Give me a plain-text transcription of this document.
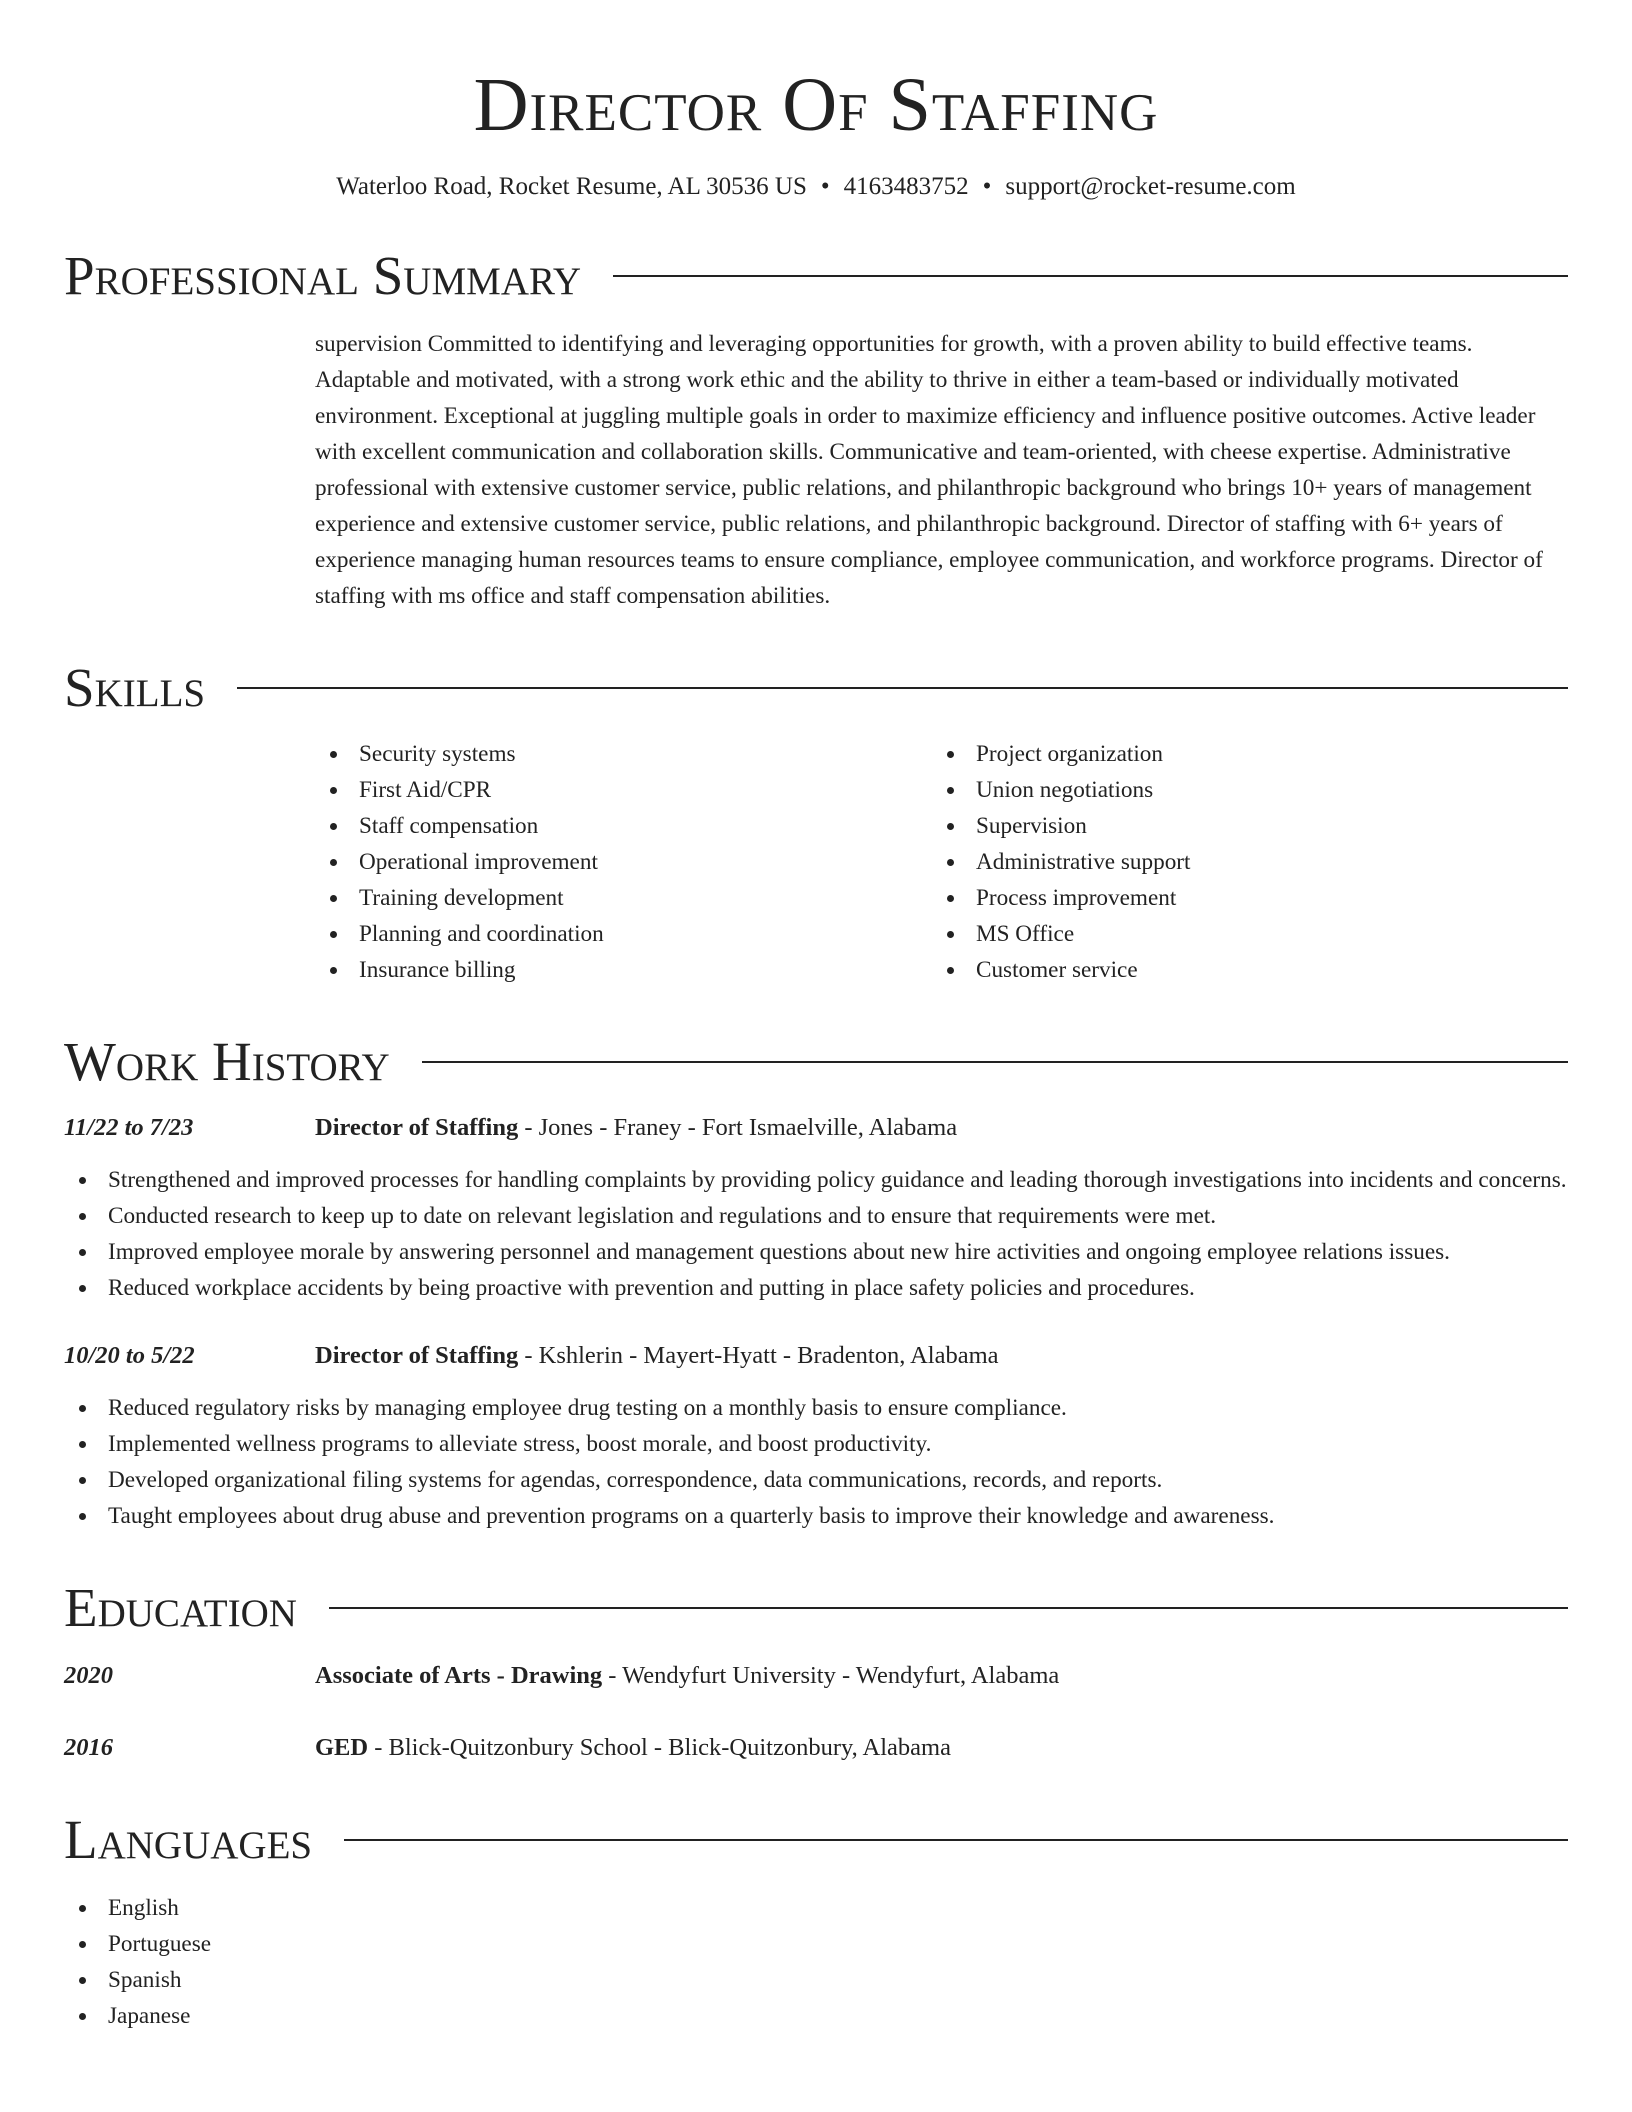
Director Of Staffing
Waterloo Road, Rocket Resume, AL 30536 US • 4163483752 • support@rocket-resume.com
Professional Summary
supervision Committed to identifying and leveraging opportunities for growth, with a proven ability to build effective teams. Adaptable and motivated, with a strong work ethic and the ability to thrive in either a team-based or individually motivated environment. Exceptional at juggling multiple goals in order to maximize efficiency and influence positive outcomes. Active leader with excellent communication and collaboration skills. Communicative and team-oriented, with cheese expertise. Administrative professional with extensive customer service, public relations, and philanthropic background who brings 10+ years of management experience and extensive customer service, public relations, and philanthropic background. Director of staffing with 6+ years of experience managing human resources teams to ensure compliance, employee communication, and workforce programs. Director of staffing with ms office and staff compensation abilities.
Skills
Security systems
First Aid/CPR
Staff compensation
Operational improvement
Training development
Planning and coordination
Insurance billing
Project organization
Union negotiations
Supervision
Administrative support
Process improvement
MS Office
Customer service
Work History
11/22 to 7/23	Director of Staffing - Jones - Franey - Fort Ismaelville, Alabama
Strengthened and improved processes for handling complaints by providing policy guidance and leading thorough investigations into incidents and concerns.
Conducted research to keep up to date on relevant legislation and regulations and to ensure that requirements were met.
Improved employee morale by answering personnel and management questions about new hire activities and ongoing employee relations issues.
Reduced workplace accidents by being proactive with prevention and putting in place safety policies and procedures.
10/20 to 5/22	Director of Staffing - Kshlerin - Mayert-Hyatt - Bradenton, Alabama
Reduced regulatory risks by managing employee drug testing on a monthly basis to ensure compliance.
Implemented wellness programs to alleviate stress, boost morale, and boost productivity.
Developed organizational filing systems for agendas, correspondence, data communications, records, and reports.
Taught employees about drug abuse and prevention programs on a quarterly basis to improve their knowledge and awareness.
Education
2020	Associate of Arts - Drawing - Wendyfurt University - Wendyfurt, Alabama
2016	GED - Blick-Quitzonbury School - Blick-Quitzonbury, Alabama
Languages
English
Portuguese
Spanish
Japanese
